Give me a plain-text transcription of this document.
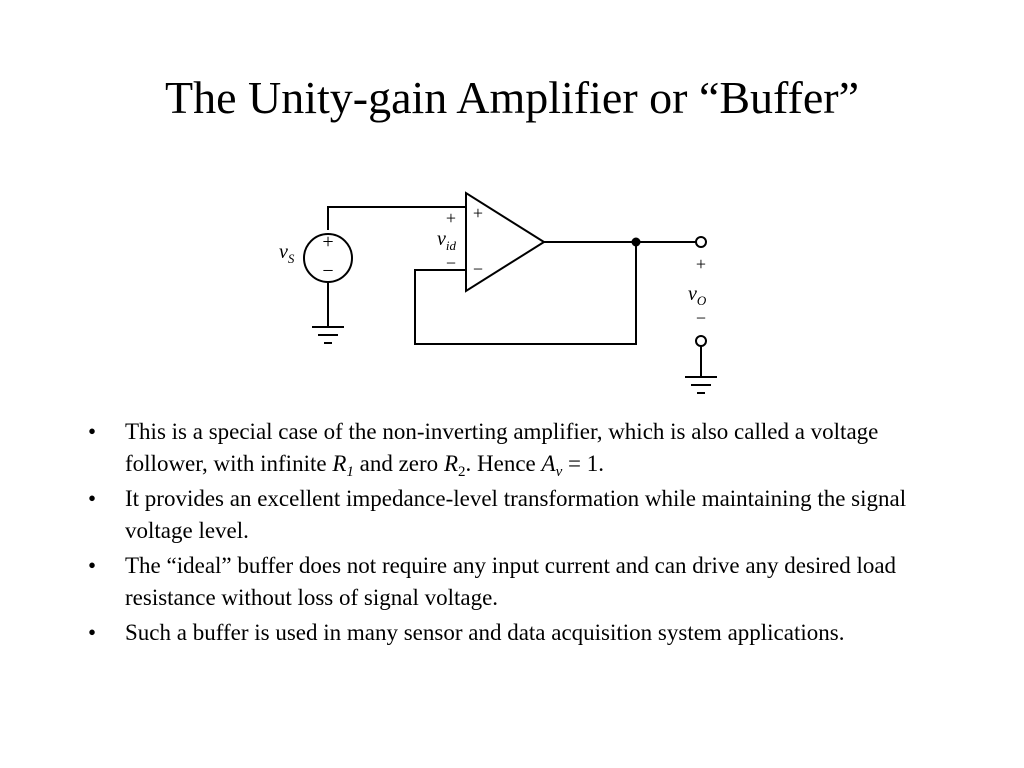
The Unity-gain Amplifier or “Buffer”
+
−
+
−
+
−	+
−
$v_S$
$v_{id}$
$v_O$
• This is a special case of the non-inverting amplifier, which is also called a voltage follower, with infinite $R_1$ and zero $R_2$. Hence $A_v = 1$.
• It provides an excellent impedance-level transformation while maintaining the signal voltage level.
• The “ideal” buffer does not require any input current and can drive any desired load resistance without loss of signal voltage.
• Such a buffer is used in many sensor and data acquisition system applications.
